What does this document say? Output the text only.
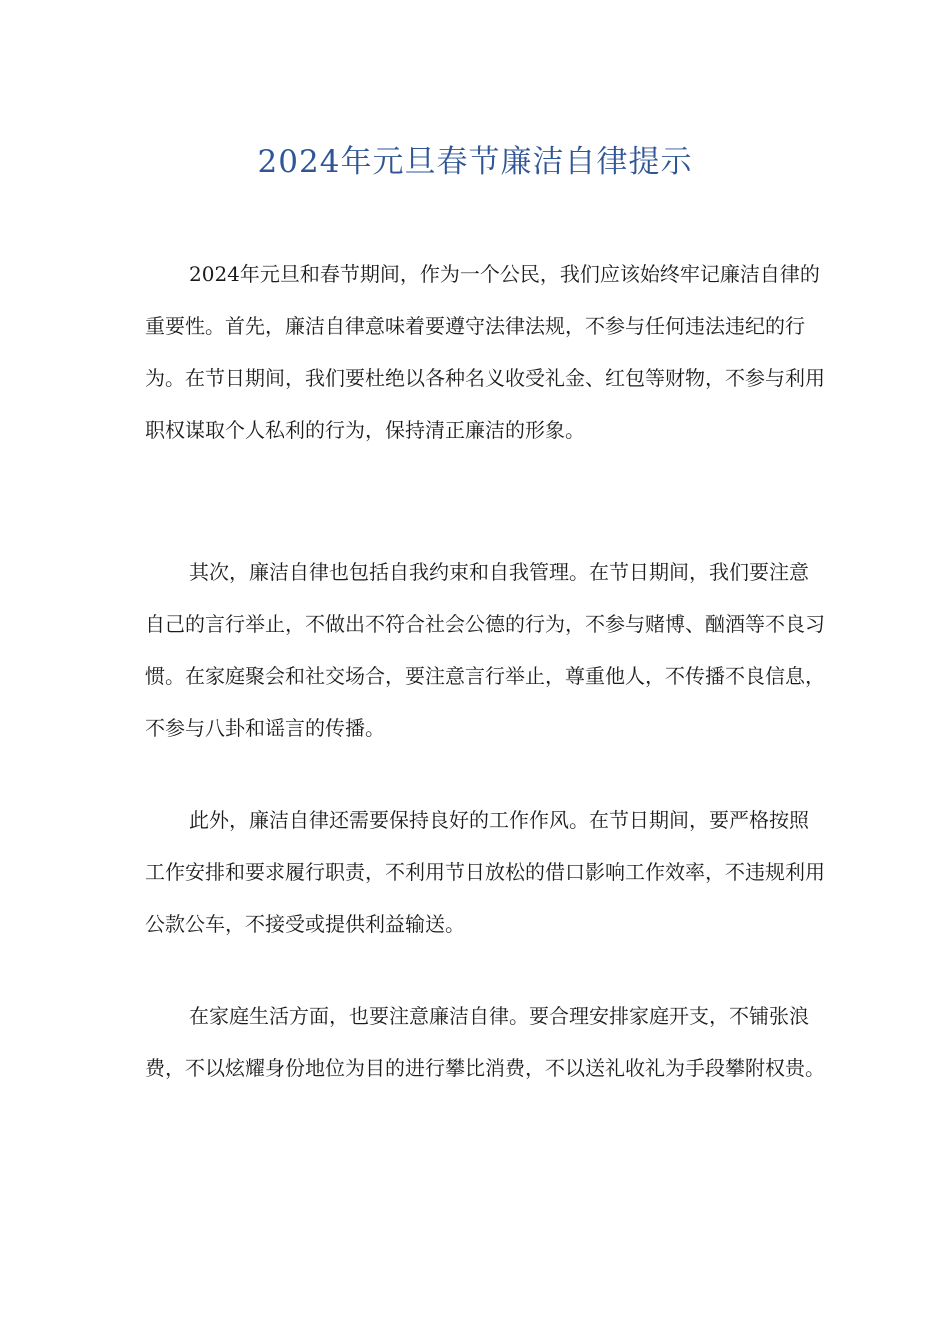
2024年元旦春节廉洁自律提示

2024年元旦和春节期间，作为一个公民，我们应该始终牢记廉洁自律的重要性。首先，廉洁自律意味着要遵守法律法规，不参与任何违法违纪的行为。在节日期间，我们要杜绝以各种名义收受礼金、红包等财物，不参与利用职权谋取个人私利的行为，保持清正廉洁的形象。

其次，廉洁自律也包括自我约束和自我管理。在节日期间，我们要注意自己的言行举止，不做出不符合社会公德的行为，不参与赌博、酗酒等不良习惯。在家庭聚会和社交场合，要注意言行举止，尊重他人，不传播不良信息，不参与八卦和谣言的传播。

此外，廉洁自律还需要保持良好的工作作风。在节日期间，要严格按照工作安排和要求履行职责，不利用节日放松的借口影响工作效率，不违规利用公款公车，不接受或提供利益输送。

在家庭生活方面，也要注意廉洁自律。要合理安排家庭开支，不铺张浪费，不以炫耀身份地位为目的进行攀比消费，不以送礼收礼为手段攀附权贵。
